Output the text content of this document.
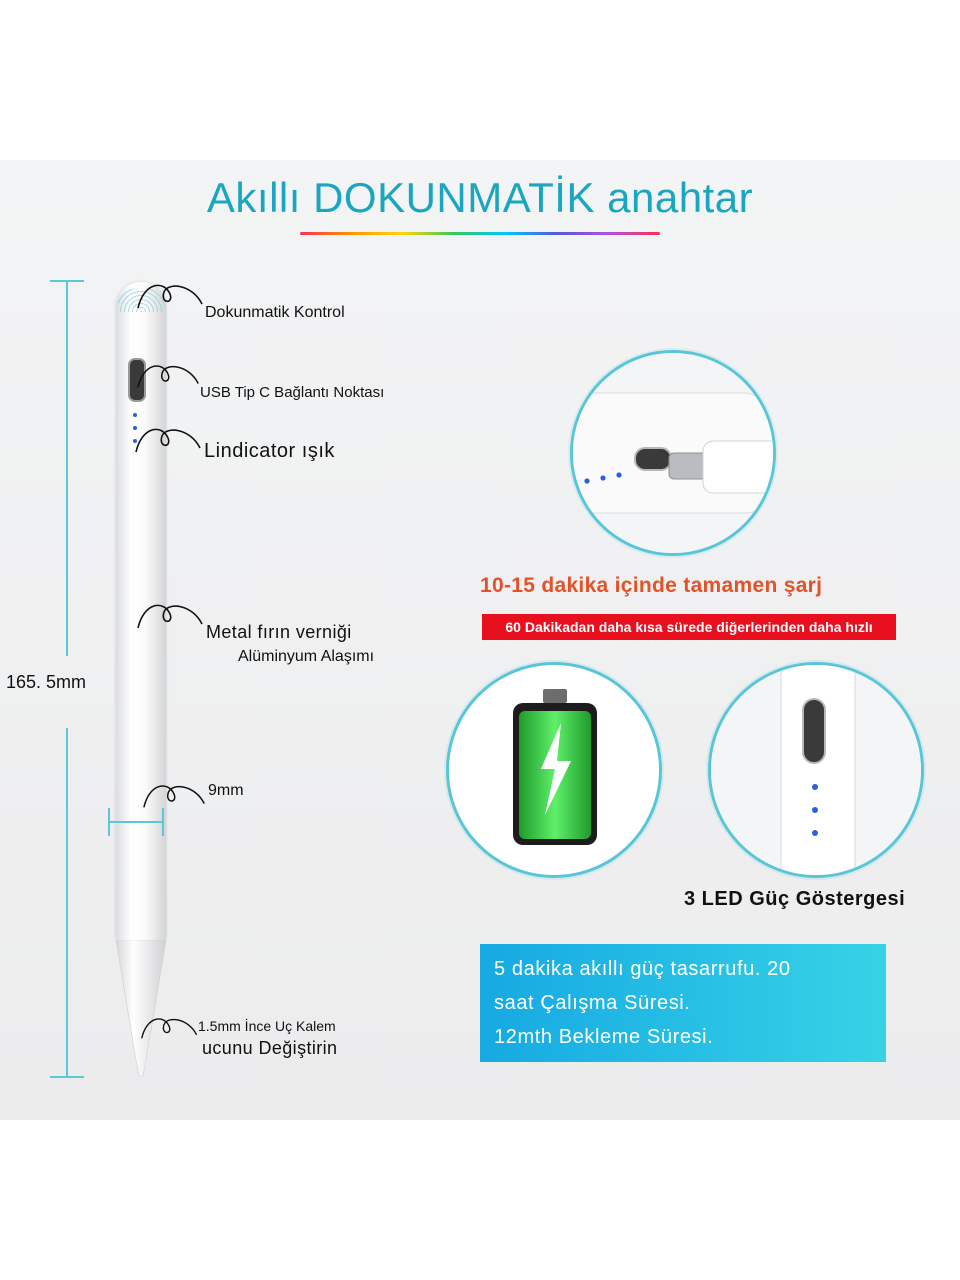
Akıllı DOKUNMATİK anahtar
165. 5mm
Dokunmatik Kontrol
USB Tip C Bağlantı Noktası
Lindicator ışık
Metal fırın verniği
Alüminyum Alaşımı
9mm
1.5mm İnce Uç Kalem
ucunu Değiştirin
10-15 dakika içinde tamamen şarj
60 Dakikadan daha kısa sürede diğerlerinden daha hızlı
3 LED Güç Göstergesi
5 dakika akıllı güç tasarrufu. 20
saat Çalışma Süresi.
12mth Bekleme Süresi.
